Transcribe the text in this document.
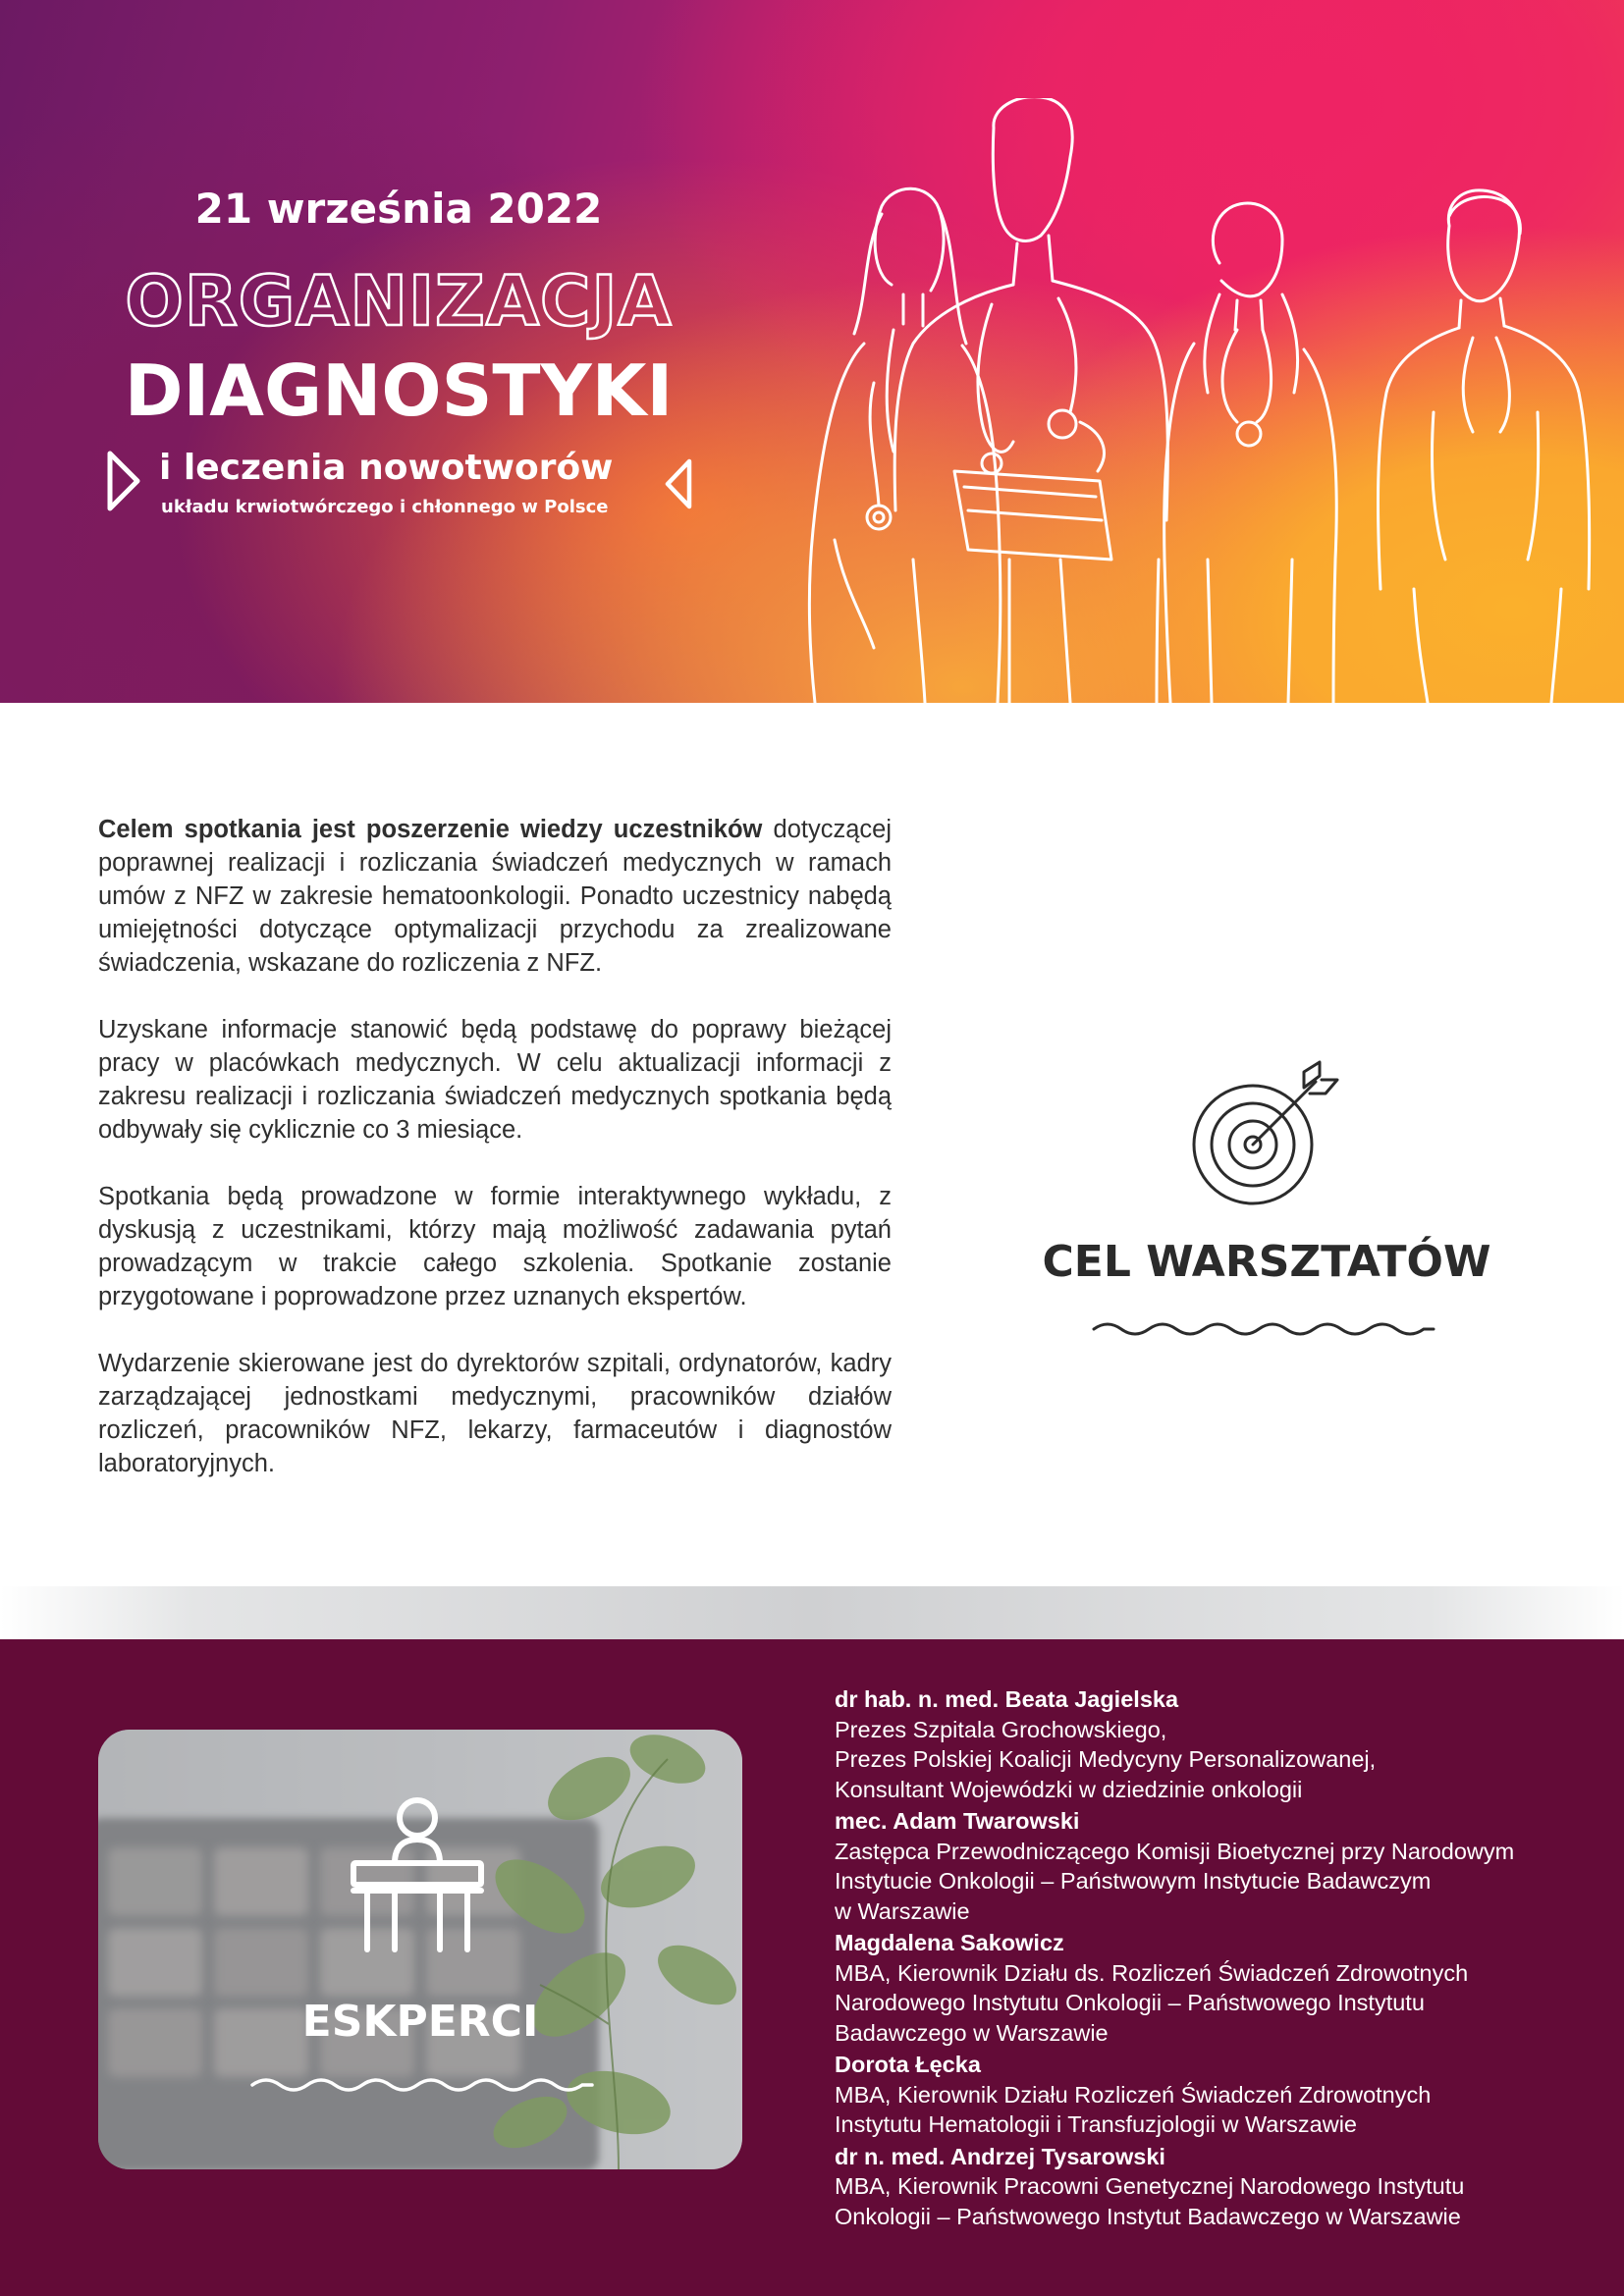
21 września 2022
ORGANIZACJA
DIAGNOSTYKI
i leczenia nowotworów
układu krwiotwórczego i chłonnego w Polsce

Celem spotkania jest poszerzenie wiedzy uczestników dotyczącej poprawnej realizacji i rozliczania świadczeń medycznych w ramach umów z NFZ w zakresie hematoonkologii. Ponadto uczestnicy nabędą umiejętności dotyczące optymalizacji przychodu za zrealizowane świadczenia, wskazane do rozliczenia z NFZ.

Uzyskane informacje stanowić będą podstawę do poprawy bieżącej pracy w placówkach medycznych. W celu aktualizacji informacji z zakresu realizacji i rozliczania świadczeń medycznych spotkania będą odbywały się cyklicznie co 3 miesiące.

Spotkania będą prowadzone w formie interaktywnego wykładu, z dyskusją z uczestnikami, którzy mają możliwość zadawania pytań prowadzącym w trakcie całego szkolenia. Spotkanie zostanie przygotowane i poprowadzone przez uznanych ekspertów.

Wydarzenie skierowane jest do dyrektorów szpitali, ordynatorów, kadry zarządzającej jednostkami medycznymi, pracowników działów rozliczeń, pracowników NFZ, lekarzy, farmaceutów i diagnostów laboratoryjnych.

CEL WARSZTATÓW
ESKPERCI
dr hab. n. med. Beata Jagielska
Prezes Szpitala Grochowskiego,
Prezes Polskiej Koalicji Medycyny Personalizowanej,
Konsultant Wojewódzki w dziedzinie onkologii
mec. Adam Twarowski
Zastępca Przewodniczącego Komisji Bioetycznej przy Narodowym
Instytucie Onkologii – Państwowym Instytucie Badawczym
w Warszawie
Magdalena Sakowicz
MBA, Kierownik Działu ds. Rozliczeń Świadczeń Zdrowotnych
Narodowego Instytutu Onkologii – Państwowego Instytutu
Badawczego w Warszawie
Dorota Łęcka
MBA, Kierownik Działu Rozliczeń Świadczeń Zdrowotnych
Instytutu Hematologii i Transfuzjologii w Warszawie
dr n. med. Andrzej Tysarowski
MBA, Kierownik Pracowni Genetycznej Narodowego Instytutu
Onkologii – Państwowego Instytut Badawczego w Warszawie
